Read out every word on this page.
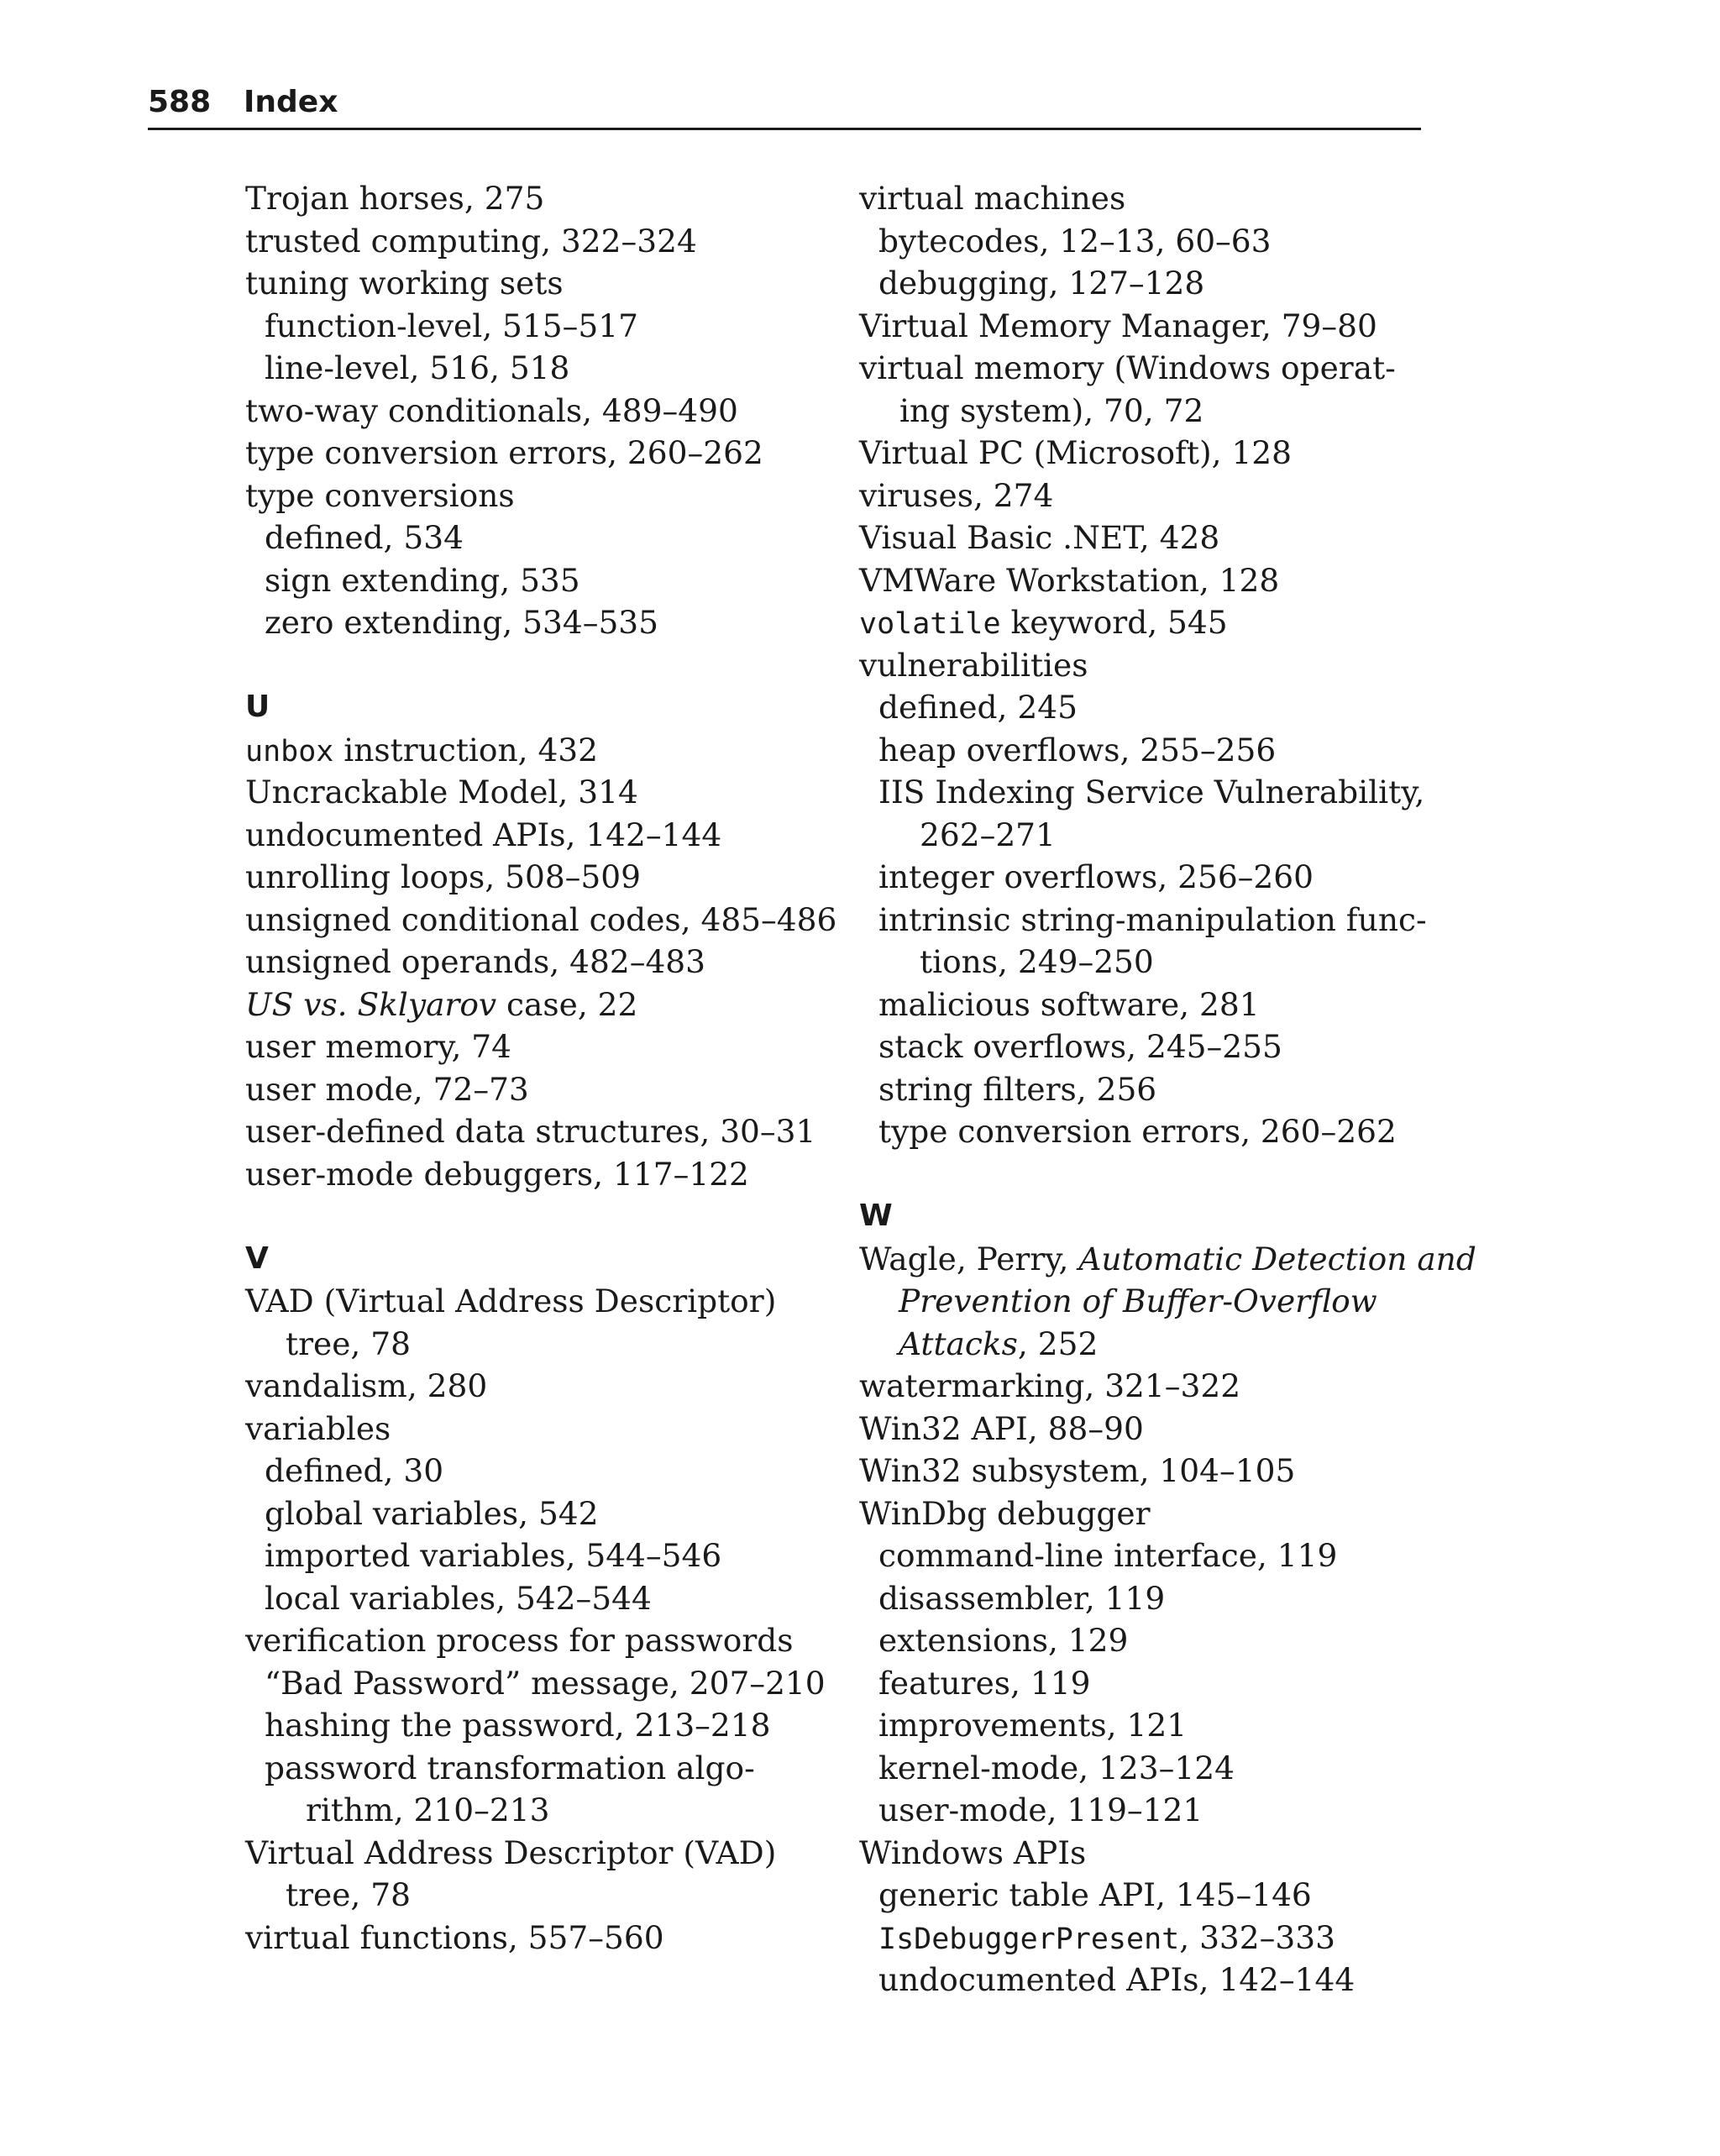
588 Index
Trojan horses, 275
trusted computing, 322–324
tuning working sets
function-level, 515–517
line-level, 516, 518
two-way conditionals, 489–490
type conversion errors, 260–262
type conversions
defined, 534
sign extending, 535
zero extending, 534–535
U
unbox instruction, 432
Uncrackable Model, 314
undocumented APIs, 142–144
unrolling loops, 508–509
unsigned conditional codes, 485–486
unsigned operands, 482–483
US vs. Sklyarov case, 22
user memory, 74
user mode, 72–73
user-defined data structures, 30–31
user-mode debuggers, 117–122
V
VAD (Virtual Address Descriptor)
tree, 78
vandalism, 280
variables
defined, 30
global variables, 542
imported variables, 544–546
local variables, 542–544
verification process for passwords
“Bad Password” message, 207–210
hashing the password, 213–218
password transformation algo-
rithm, 210–213
Virtual Address Descriptor (VAD)
tree, 78
virtual functions, 557–560
virtual machines
bytecodes, 12–13, 60–63
debugging, 127–128
Virtual Memory Manager, 79–80
virtual memory (Windows operat-
ing system), 70, 72
Virtual PC (Microsoft), 128
viruses, 274
Visual Basic .NET, 428
VMWare Workstation, 128
volatile keyword, 545
vulnerabilities
defined, 245
heap overflows, 255–256
IIS Indexing Service Vulnerability,
262–271
integer overflows, 256–260
intrinsic string-manipulation func-
tions, 249–250
malicious software, 281
stack overflows, 245–255
string filters, 256
type conversion errors, 260–262
W
Wagle, Perry, Automatic Detection and
Prevention of Buffer-Overflow
Attacks, 252
watermarking, 321–322
Win32 API, 88–90
Win32 subsystem, 104–105
WinDbg debugger
command-line interface, 119
disassembler, 119
extensions, 129
features, 119
improvements, 121
kernel-mode, 123–124
user-mode, 119–121
Windows APIs
generic table API, 145–146
IsDebuggerPresent, 332–333
undocumented APIs, 142–144
